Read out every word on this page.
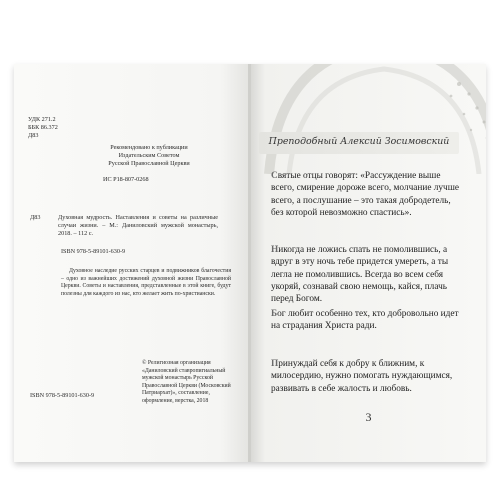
УДК 271.2
ББК 86.372
Д83
Рекомендовано к публикации
Издательским Советом
Русской Православной Церкви
ИС Р18-807-0268
Д83	Духовная мудрость. Наставления и советы на различные случаи жизни. – М.: Даниловский мужской монастырь, 2018. – 112 с.
ISBN 978-5-89101-630-9
Духовное наследие русских старцев и подвижников благочестия – одно из важнейших достижений духовной жизни Православной Церкви. Советы и наставления, представленные в этой книге, будут полезны для каждого из нас, кто желает жить по-христиански.
© Религиозная организация «Даниловский ставропигиальный мужской монастырь Русской Православной Церкви (Московский Патриархат)», составление, оформление, верстка, 2018
ISBN 978-5-89101-630-9
Преподобный Алексий Зосимовский
Святые отцы говорят: «Рассуждение выше всего, смирение дороже всего, молчание лучше всего, а послушание – это такая добродетель, без которой невозможно спастись».
Никогда не ложись спать не помолившись, а вдруг в эту ночь тебе придется умереть, а ты легла не помолившись. Всегда во всем себя укоряй, сознавай свою немощь, кайся, плачь перед Богом.
Бог любит особенно тех, кто добровольно идет на страдания Христа ради.
Принуждай себя к добру к ближним, к милосердию, нужно помогать нуждающимся, развивать в себе жалость и любовь.
3
